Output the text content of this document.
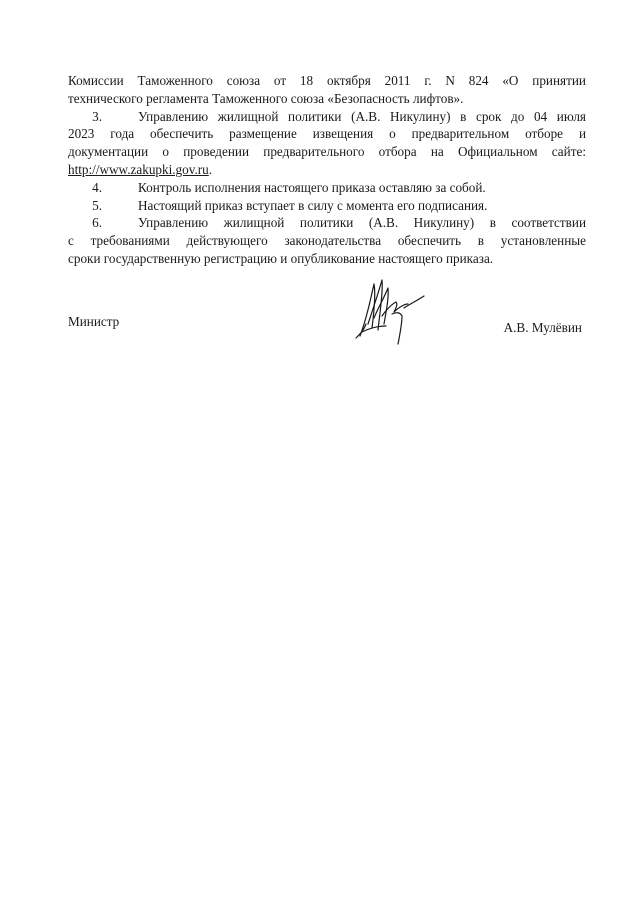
Комиссии Таможенного союза от 18 октября 2011 г. N 824 «О принятии
технического регламента Таможенного союза «Безопасность лифтов».
3.	Управлению жилищной политики (А.В. Никулину) в срок до 04 июля
2023 года обеспечить размещение извещения о предварительном отборе и
документации о проведении предварительного отбора на Официальном сайте:
http://www.zakupki.gov.ru.
4.	Контроль исполнения настоящего приказа оставляю за собой.
5.	Настоящий приказ вступает в силу с момента его подписания.
6.	Управлению жилищной политики (А.В. Никулину) в соответствии
с требованиями действующего законодательства обеспечить в установленные
сроки государственную регистрацию и опубликование настоящего приказа.
Министр	А.В. Мулёвин
